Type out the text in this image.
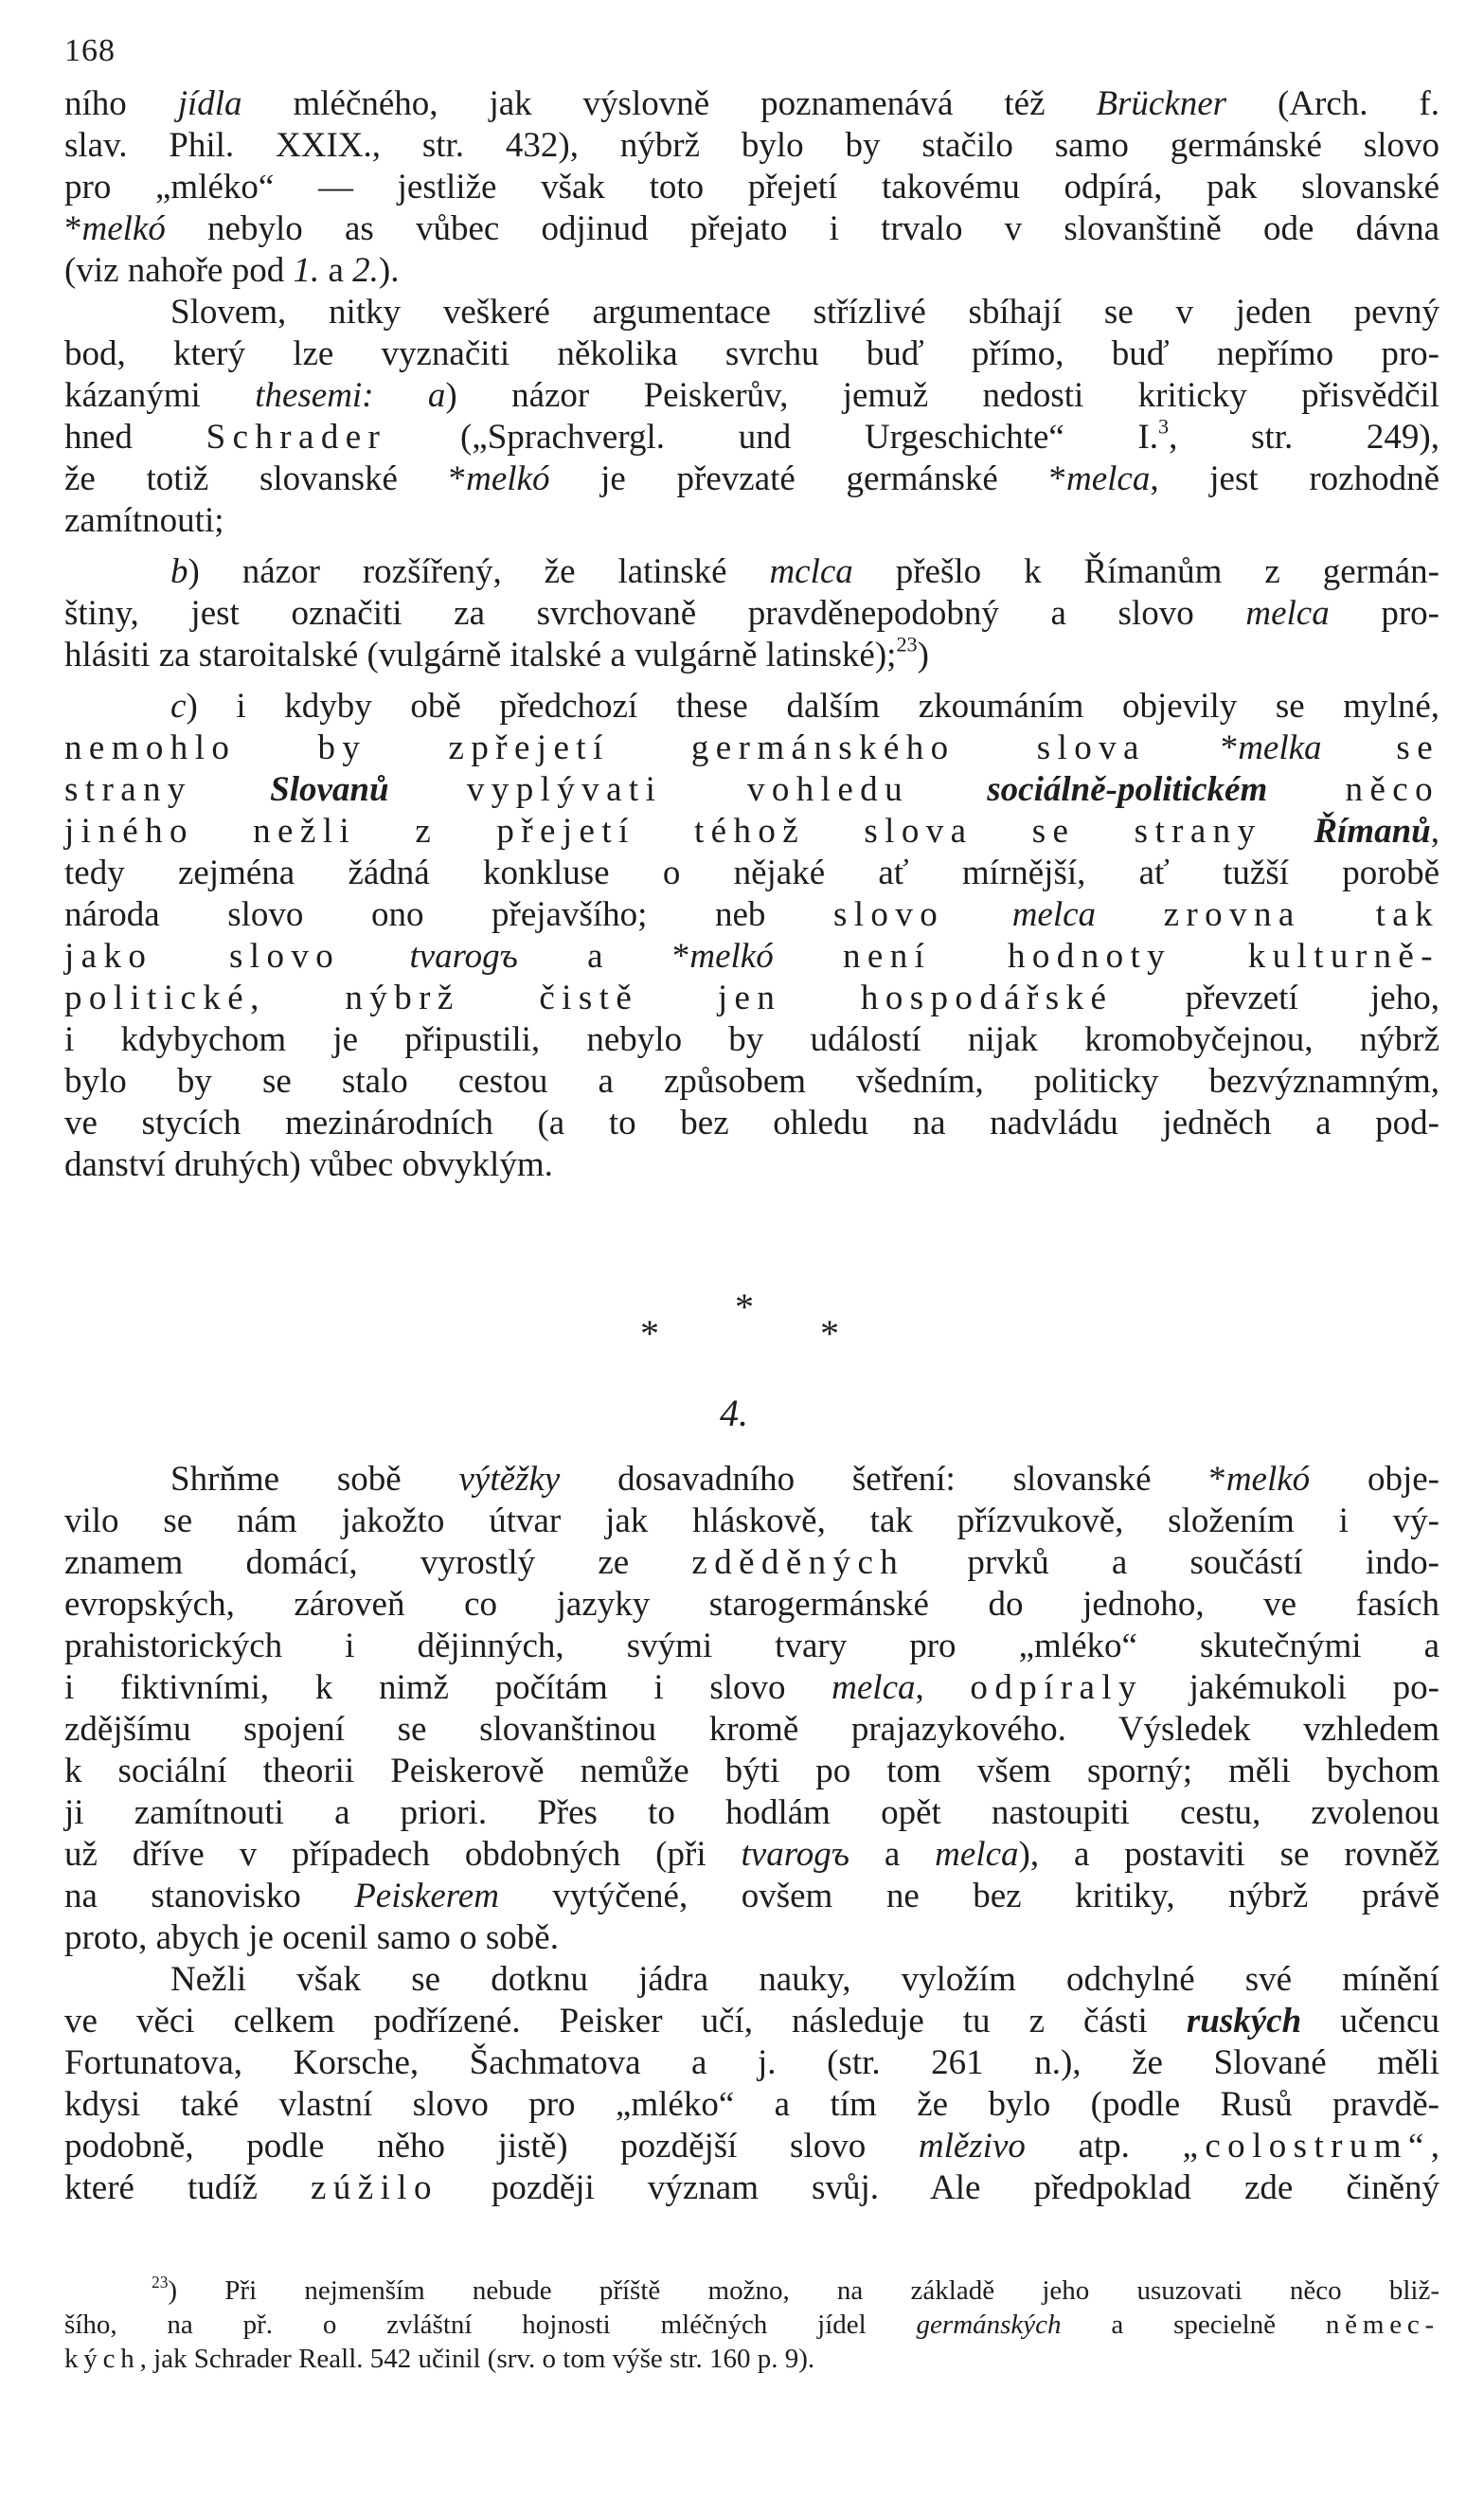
168

ního jídla mléčného, jak výslovně poznamenává též Brückner (Arch. f.

slav. Phil. XXIX., str. 432), nýbrž bylo by stačilo samo germánské slovo

pro „mléko“ — jestliže však toto přejetí takovému odpírá, pak slovanské

*melkó nebylo as vůbec odjinud přejato i trvalo v slovanštině ode dávna

(viz nahoře pod 1. a 2.).

Slovem, nitky veškeré argumentace střízlivé sbíhají se v jeden pevný

bod, který lze vyznačiti několika svrchu buď přímo, buď nepřímo pro-

kázanými thesemi: a) názor Peiskerův, jemuž nedosti kriticky přisvědčil

hned Schrader („Sprachvergl. und Urgeschichte“ I.$^3$, str. 249),

že totiž slovanské *melkó je převzaté germánské *melca, jest rozhodně

zamítnouti;

b) názor rozšířený, že latinské mclca přešlo k Římanům z germán-

štiny, jest označiti za svrchovaně pravděnepodobný a slovo melca pro-

hlásiti za staroitalské (vulgárně italské a vulgárně latinské);$^{23}$)

c) i kdyby obě předchozí these dalším zkoumáním objevily se mylné,

nemohlo by zpřejetí germánského slova *melka se

strany Slovanů vyplývati vohledu sociálně-politickém něco

jiného nežli z přejetí téhož slova se strany Římanů,

tedy zejména žádná konkluse o nějaké ať mírnější, ať tužší porobě

národa slovo ono přejavšího; neb slovo melca zrovna tak

jako slovo tvarogъ a *melkó není hodnoty kulturně-

politické, nýbrž čistě jen hospodářské převzetí jeho,

i kdybychom je připustili, nebylo by událostí nijak kromobyčejnou, nýbrž

bylo by se stalo cestou a způsobem všedním, politicky bezvýznamným,

ve stycích mezinárodních (a to bez ohledu na nadvládu jedněch a pod-

danství druhých) vůbec obvyklým.

*
*	*
4.

Shrňme sobě výtěžky dosavadního šetření: slovanské *melkó obje-

vilo se nám jakožto útvar jak hláskově, tak přízvukově, složením i vý-

znamem domácí, vyrostlý ze zděděných prvků a součástí indo-

evropských, zároveň co jazyky starogermánské do jednoho, ve fasích

prahistorických i dějinných, svými tvary pro „mléko“ skutečnými a

i fiktivními, k nimž počítám i slovo melca, odpíraly jakémukoli po-

zdějšímu spojení se slovanštinou kromě prajazykového. Výsledek vzhledem

k sociální theorii Peiskerově nemůže býti po tom všem sporný; měli bychom

ji zamítnouti a priori. Přes to hodlám opět nastoupiti cestu, zvolenou

už dříve v případech obdobných (při tvarogъ a melca), a postaviti se rovněž

na stanovisko Peiskerem vytýčené, ovšem ne bez kritiky, nýbrž právě

proto, abych je ocenil samo o sobě.

Nežli však se dotknu jádra nauky, vyložím odchylné své mínění

ve věci celkem podřízené. Peisker učí, následuje tu z části ruských učencu

Fortunatova, Korsche, Šachmatova a j. (str. 261 n.), že Slované měli

kdysi také vlastní slovo pro „mléko“ a tím že bylo (podle Rusů pravdě-

podobně, podle něho jistě) pozdější slovo mlězivo atp. „colostrum“,

které tudíž zúžilo později význam svůj. Ale předpoklad zde činěný

$^{23}$) Při nejmenším nebude příště možno, na základě jeho usuzovati něco bliž-

šího, na př. o zvláštní hojnosti mléčných jídel germánských a specielně němec-

kých, jak Schrader Reall. 542 učinil (srv. o tom výše str. 160 p. 9).
